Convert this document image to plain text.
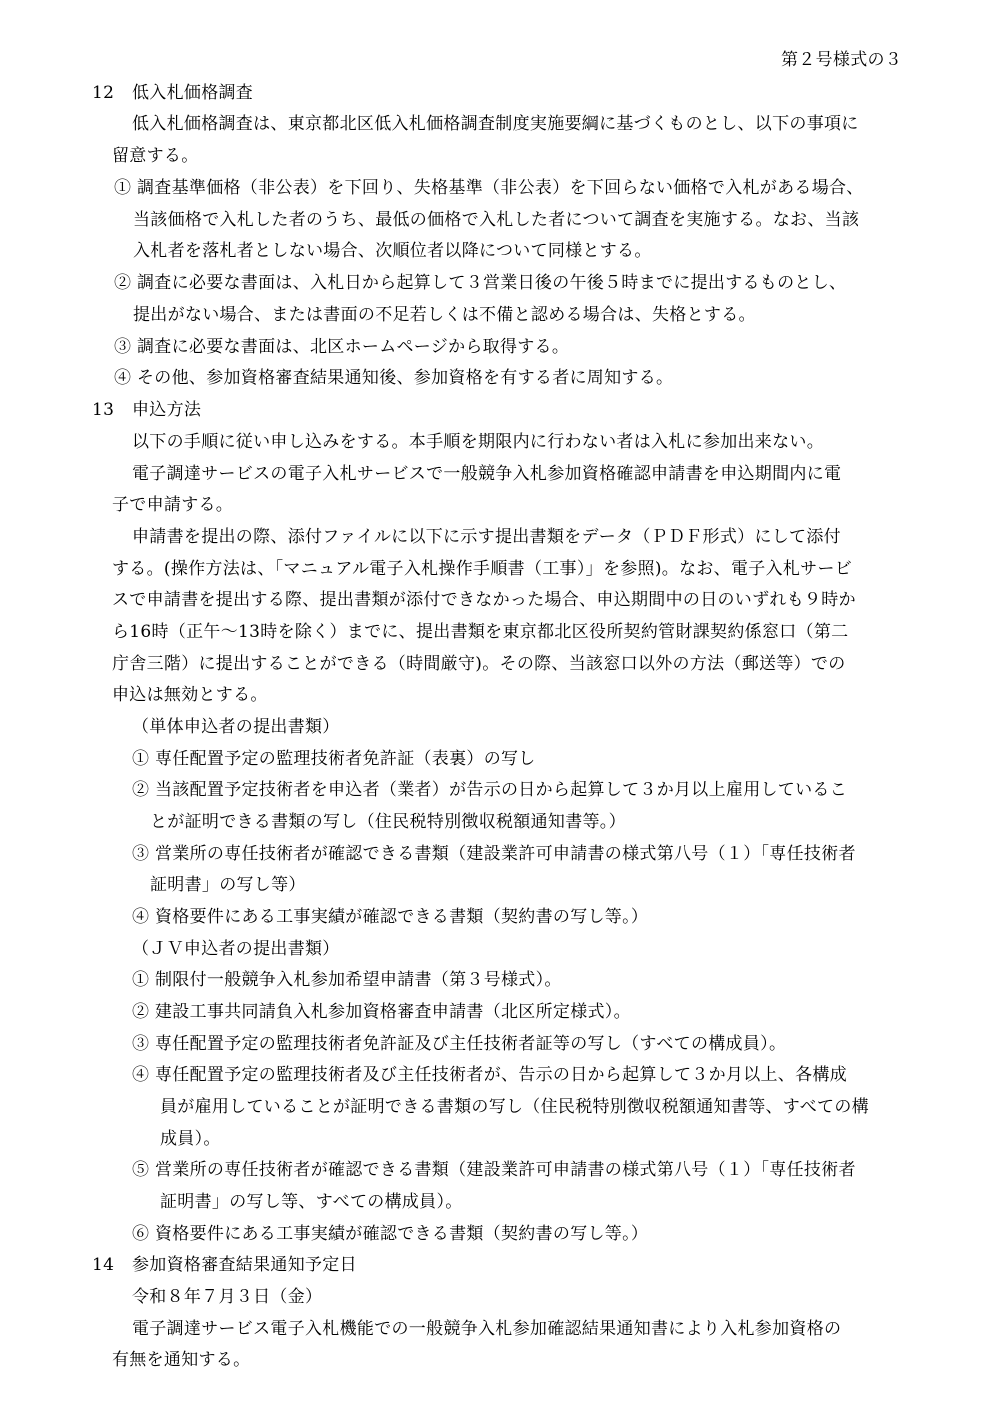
第２号様式の３
12 低入札価格調査
低入札価格調査は、東京都北区低入札価格調査制度実施要綱に基づくものとし、以下の事項に
留意する。
① 調査基準価格（非公表）を下回り、失格基準（非公表）を下回らない価格で入札がある場合、
当該価格で入札した者のうち、最低の価格で入札した者について調査を実施する。なお、当該
入札者を落札者としない場合、次順位者以降について同様とする。
② 調査に必要な書面は、入札日から起算して３営業日後の午後５時までに提出するものとし、
提出がない場合、または書面の不足若しくは不備と認める場合は、失格とする。
③ 調査に必要な書面は、北区ホームページから取得する。
④ その他、参加資格審査結果通知後、参加資格を有する者に周知する。
13 申込方法
以下の手順に従い申し込みをする。本手順を期限内に行わない者は入札に参加出来ない。
電子調達サービスの電子入札サービスで一般競争入札参加資格確認申請書を申込期間内に電
子で申請する。
申請書を提出の際、添付ファイルに以下に示す提出書類をデータ（ＰＤＦ形式）にして添付
する。(操作方法は、「マニュアル電子入札操作手順書（工事）」を参照)。なお、電子入札サービ
スで申請書を提出する際、提出書類が添付できなかった場合、申込期間中の日のいずれも９時か
ら16時（正午～13時を除く）までに、提出書類を東京都北区役所契約管財課契約係窓口（第二
庁舎三階）に提出することができる（時間厳守)。その際、当該窓口以外の方法（郵送等）での
申込は無効とする。
（単体申込者の提出書類）
① 専任配置予定の監理技術者免許証（表裏）の写し
② 当該配置予定技術者を申込者（業者）が告示の日から起算して３か月以上雇用しているこ
とが証明できる書類の写し（住民税特別徴収税額通知書等。）
③ 営業所の専任技術者が確認できる書類（建設業許可申請書の様式第八号（１）「専任技術者
証明書」の写し等）
④ 資格要件にある工事実績が確認できる書類（契約書の写し等。）
（ＪＶ申込者の提出書類）
① 制限付一般競争入札参加希望申請書（第３号様式）。
② 建設工事共同請負入札参加資格審査申請書（北区所定様式）。
③ 専任配置予定の監理技術者免許証及び主任技術者証等の写し（すべての構成員）。
④ 専任配置予定の監理技術者及び主任技術者が、告示の日から起算して３か月以上、各構成
員が雇用していることが証明できる書類の写し（住民税特別徴収税額通知書等、すべての構
成員）。
⑤ 営業所の専任技術者が確認できる書類（建設業許可申請書の様式第八号（１）「専任技術者
証明書」の写し等、すべての構成員）。
⑥ 資格要件にある工事実績が確認できる書類（契約書の写し等。）
14 参加資格審査結果通知予定日
令和８年７月３日（金）
電子調達サービス電子入札機能での一般競争入札参加確認結果通知書により入札参加資格の
有無を通知する。
